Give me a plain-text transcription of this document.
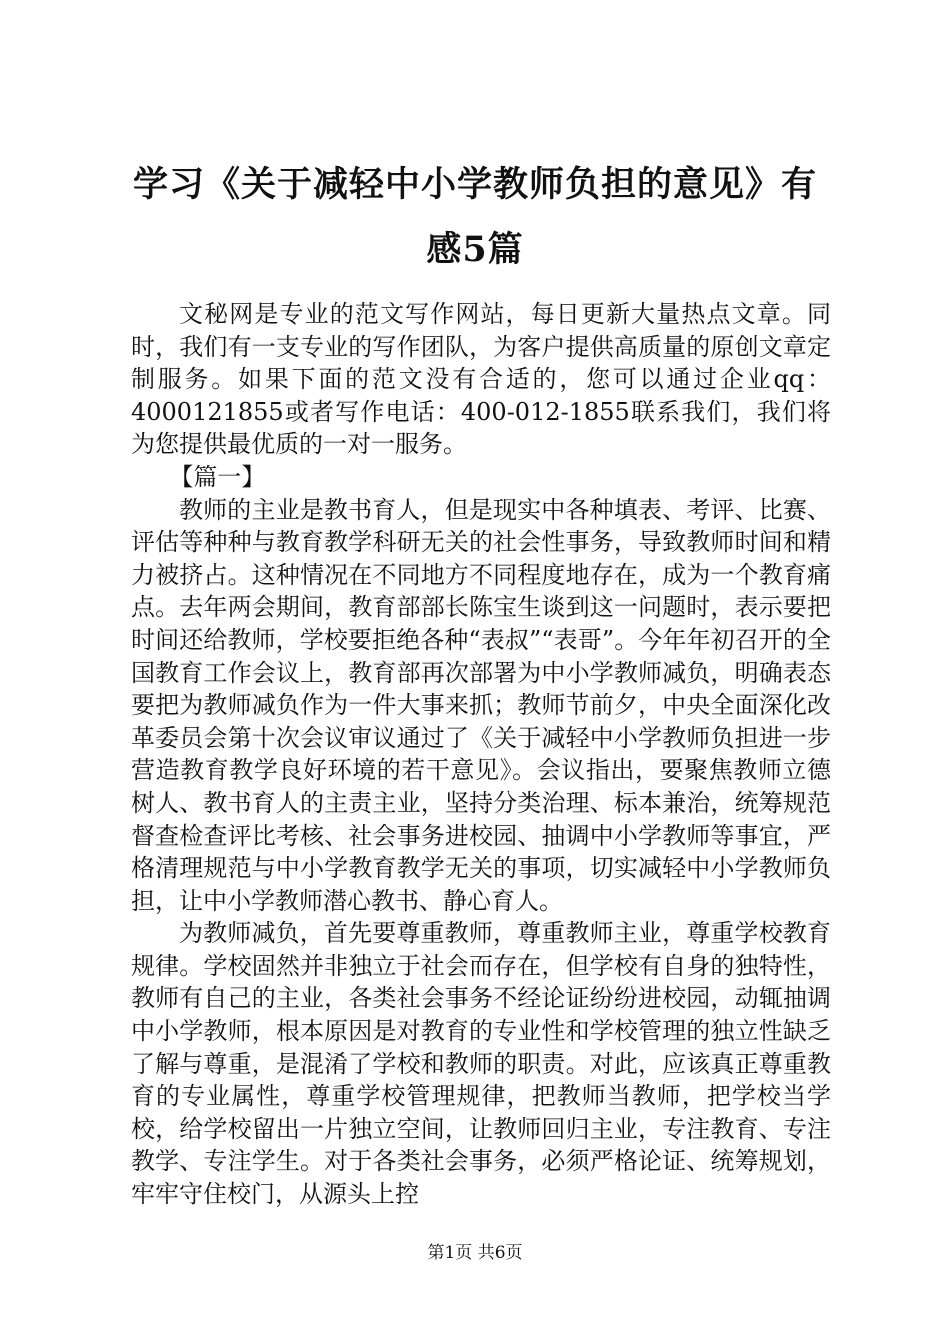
学习《关于减轻中小学教师负担的意见》有感5篇

文秘网是专业的范文写作网站，每日更新大量热点文章。同时，我们有一支专业的写作团队，为客户提供高质量的原创文章定制服务。如果下面的范文没有合适的，您可以通过企业qq：4000121855或者写作电话：400-012-1855联系我们，我们将为您提供最优质的一对一服务。

【篇一】

教师的主业是教书育人，但是现实中各种填表、考评、比赛、评估等种种与教育教学科研无关的社会性事务，导致教师时间和精力被挤占。这种情况在不同地方不同程度地存在，成为一个教育痛点。去年两会期间，教育部部长陈宝生谈到这一问题时，表示要把时间还给教师，学校要拒绝各种“表叔”“表哥”。今年年初召开的全国教育工作会议上，教育部再次部署为中小学教师减负，明确表态要把为教师减负作为一件大事来抓；教师节前夕，中央全面深化改革委员会第十次会议审议通过了《关于减轻中小学教师负担进一步营造教育教学良好环境的若干意见》。会议指出，要聚焦教师立德树人、教书育人的主责主业，坚持分类治理、标本兼治，统筹规范督查检查评比考核、社会事务进校园、抽调中小学教师等事宜，严格清理规范与中小学教育教学无关的事项，切实减轻中小学教师负担，让中小学教师潜心教书、静心育人。

为教师减负，首先要尊重教师，尊重教师主业，尊重学校教育规律。学校固然并非独立于社会而存在，但学校有自身的独特性，教师有自己的主业，各类社会事务不经论证纷纷进校园，动辄抽调中小学教师，根本原因是对教育的专业性和学校管理的独立性缺乏了解与尊重，是混淆了学校和教师的职责。对此，应该真正尊重教育的专业属性，尊重学校管理规律，把教师当教师，把学校当学校，给学校留出一片独立空间，让教师回归主业，专注教育、专注教学、专注学生。对于各类社会事务，必须严格论证、统筹规划，牢牢守住校门，从源头上控

第1页 共6页
